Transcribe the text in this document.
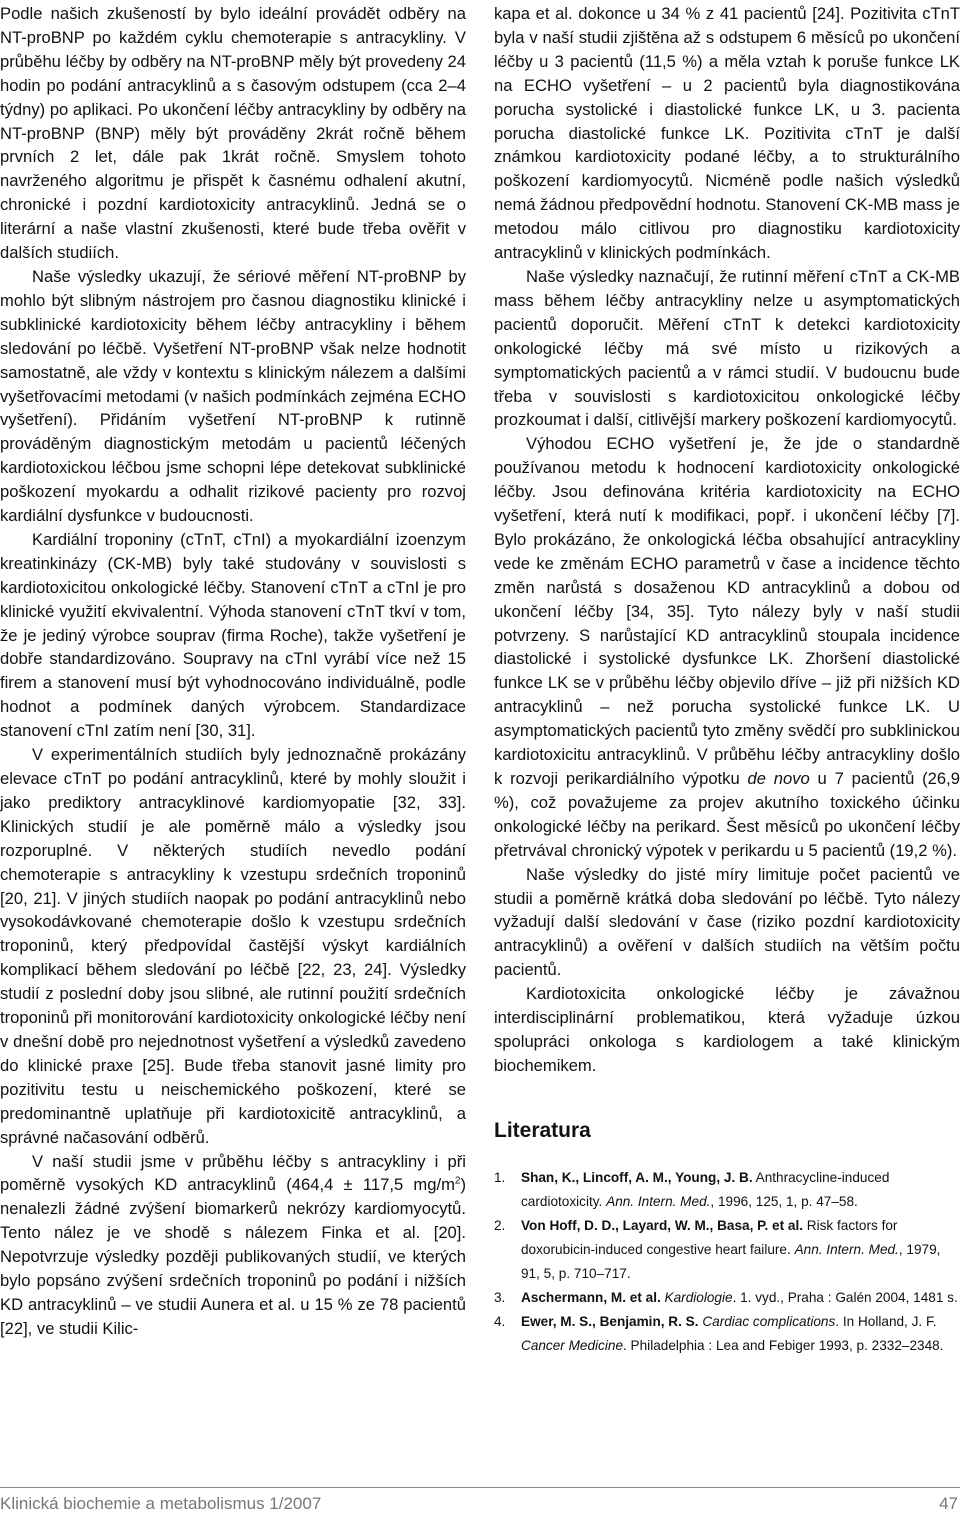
Podle našich zkušeností by bylo ideální provádět odběry na NT-proBNP po každém cyklu chemoterapie s antracykliny. V průběhu léčby by odběry na NT-proBNP měly být provedeny 24 hodin po podání antracyklinů a s časovým odstupem (cca 2–4 týdny) po aplikaci. Po ukončení léčby antracykliny by odběry na NT-proBNP (BNP) měly být prováděny 2krát ročně během prvních 2 let, dále pak 1krát ročně. Smyslem tohoto navrženého algoritmu je přispět k časnému odhalení akutní, chronické i pozdní kardiotoxicity antracyklinů. Jedná se o literární a naše vlastní zkušenosti, které bude třeba ověřit v dalších studiích.

Naše výsledky ukazují, že sériové měření NT-proBNP by mohlo být slibným nástrojem pro časnou diagnostiku klinické i subklinické kardiotoxicity během léčby antracykliny i během sledování po léčbě. Vyšetření NT-proBNP však nelze hodnotit samostatně, ale vždy v kontextu s klinickým nálezem a dalšími vyšetřovacími metodami (v našich podmínkách zejména ECHO vyšetření). Přidáním vyšetření NT-proBNP k rutinně prováděným diagnostickým metodám u pacientů léčených kardiotoxickou léčbou jsme schopni lépe detekovat subklinické poškození myokardu a odhalit rizikové pacienty pro rozvoj kardiální dysfunkce v budoucnosti.

Kardiální troponiny (cTnT, cTnI) a myokardiální izoenzym kreatinkinázy (CK-MB) byly také studovány v souvislosti s kardiotoxicitou onkologické léčby. Stanovení cTnT a cTnI je pro klinické využití ekvivalentní. Výhoda stanovení cTnT tkví v tom, že je jediný výrobce souprav (firma Roche), takže vyšetření je dobře standardizováno. Soupravy na cTnI vyrábí více než 15 firem a stanovení musí být vyhodnocováno individuálně, podle hodnot a podmínek daných výrobcem. Standardizace stanovení cTnI zatím není [30, 31].

V experimentálních studiích byly jednoznačně prokázány elevace cTnT po podání antracyklinů, které by mohly sloužit i jako prediktory antracyklinové kardiomyopatie [32, 33]. Klinických studií je ale poměrně málo a výsledky jsou rozporuplné. V některých studiích nevedlo podání chemoterapie s antracykliny k vzestupu srdečních troponinů [20, 21]. V jiných studiích naopak po podání antracyklinů nebo vysokodávkované chemoterapie došlo k vzestupu srdečních troponinů, který předpovídal častější výskyt kardiálních komplikací během sledování po léčbě [22, 23, 24]. Výsledky studií z poslední doby jsou slibné, ale rutinní použití srdečních troponinů při monitorování kardiotoxicity onkologické léčby není v dnešní době pro nejednotnost vyšetření a výsledků zavedeno do klinické praxe [25]. Bude třeba stanovit jasné limity pro pozitivitu testu u neischemického poškození, které se predominantně uplatňuje při kardiotoxicitě antracyklinů, a správné načasování odběrů.

V naší studii jsme v průběhu léčby s antracykliny i při poměrně vysokých KD antracyklinů (464,4 ± 117,5 $mg/m^2$) nenalezli žádné zvýšení biomarkerů nekrózy kardiomyocytů. Tento nález je ve shodě s nálezem Finka et al. [20]. Nepotvrzuje výsledky později publikovaných studií, ve kterých bylo popsáno zvýšení srdečních troponinů po podání i nižších KD antracyklinů – ve studii Aunera et al. u 15 % ze 78 pacientů [22], ve studii Kilic-

kapa et al. dokonce u 34 % z 41 pacientů [24]. Pozitivita cTnT byla v naší studii zjištěna až s odstupem 6 měsíců po ukončení léčby u 3 pacientů (11,5 %) a měla vztah k poruše funkce LK na ECHO vyšetření – u 2 pacientů byla diagnostikována porucha systolické i diastolické funkce LK, u 3. pacienta porucha diastolické funkce LK. Pozitivita cTnT je další známkou kardiotoxicity podané léčby, a to strukturálního poškození kardiomyocytů. Nicméně podle našich výsledků nemá žádnou předpovědní hodnotu. Stanovení CK-MB mass je metodou málo citlivou pro diagnostiku kardiotoxicity antracyklinů v klinických podmínkách.

Naše výsledky naznačují, že rutinní měření cTnT a CK-MB mass během léčby antracykliny nelze u asymptomatických pacientů doporučit. Měření cTnT k detekci kardiotoxicity onkologické léčby má své místo u rizikových a symptomatických pacientů a v rámci studií. V budoucnu bude třeba v souvislosti s kardiotoxicitou onkologické léčby prozkoumat i další, citlivější markery poškození kardiomyocytů.

Výhodou ECHO vyšetření je, že jde o standardně používanou metodu k hodnocení kardiotoxicity onkologické léčby. Jsou definována kritéria kardiotoxicity na ECHO vyšetření, která nutí k modifikaci, popř. i ukončení léčby [7]. Bylo prokázáno, že onkologická léčba obsahující antracykliny vede ke změnám ECHO parametrů v čase a incidence těchto změn narůstá s dosaženou KD antracyklinů a dobou od ukončení léčby [34, 35]. Tyto nálezy byly v naší studii potvrzeny. S narůstající KD antracyklinů stoupala incidence diastolické i systolické dysfunkce LK. Zhoršení diastolické funkce LK se v průběhu léčby objevilo dříve – již při nižších KD antracyklinů – než porucha systolické funkce LK. U asymptomatických pacientů tyto změny svědčí pro subklinickou kardiotoxicitu antracyklinů. V průběhu léčby antracykliny došlo k rozvoji perikardiálního výpotku de novo u 7 pacientů (26,9 %), což považujeme za projev akutního toxického účinku onkologické léčby na perikard. Šest měsíců po ukončení léčby přetrvával chronický výpotek v perikardu u 5 pacientů (19,2 %).

Naše výsledky do jisté míry limituje počet pacientů ve studii a poměrně krátká doba sledování po léčbě. Tyto nálezy vyžadují další sledování v čase (riziko pozdní kardiotoxicity antracyklinů) a ověření v dalších studiích na větším počtu pacientů.

Kardiotoxicita onkologické léčby je závažnou interdisciplinární problematikou, která vyžaduje úzkou spolupráci onkologa s kardiologem a také klinickým biochemikem.

Literatura
1. Shan, K., Lincoff, A. M., Young, J. B. Anthracycline-induced cardiotoxicity. Ann. Intern. Med., 1996, 125, 1, p. 47–58.
2. Von Hoff, D. D., Layard, W. M., Basa, P. et al. Risk factors for doxorubicin-induced congestive heart failure. Ann. Intern. Med., 1979, 91, 5, p. 710–717.
3. Aschermann, M. et al. Kardiologie. 1. vyd., Praha : Galén 2004, 1481 s.
4. Ewer, M. S., Benjamin, R. S. Cardiac complications. In Holland, J. F. Cancer Medicine. Philadelphia : Lea and Febiger 1993, p. 2332–2348.
Klinická biochemie a metabolismus 1/2007	47
